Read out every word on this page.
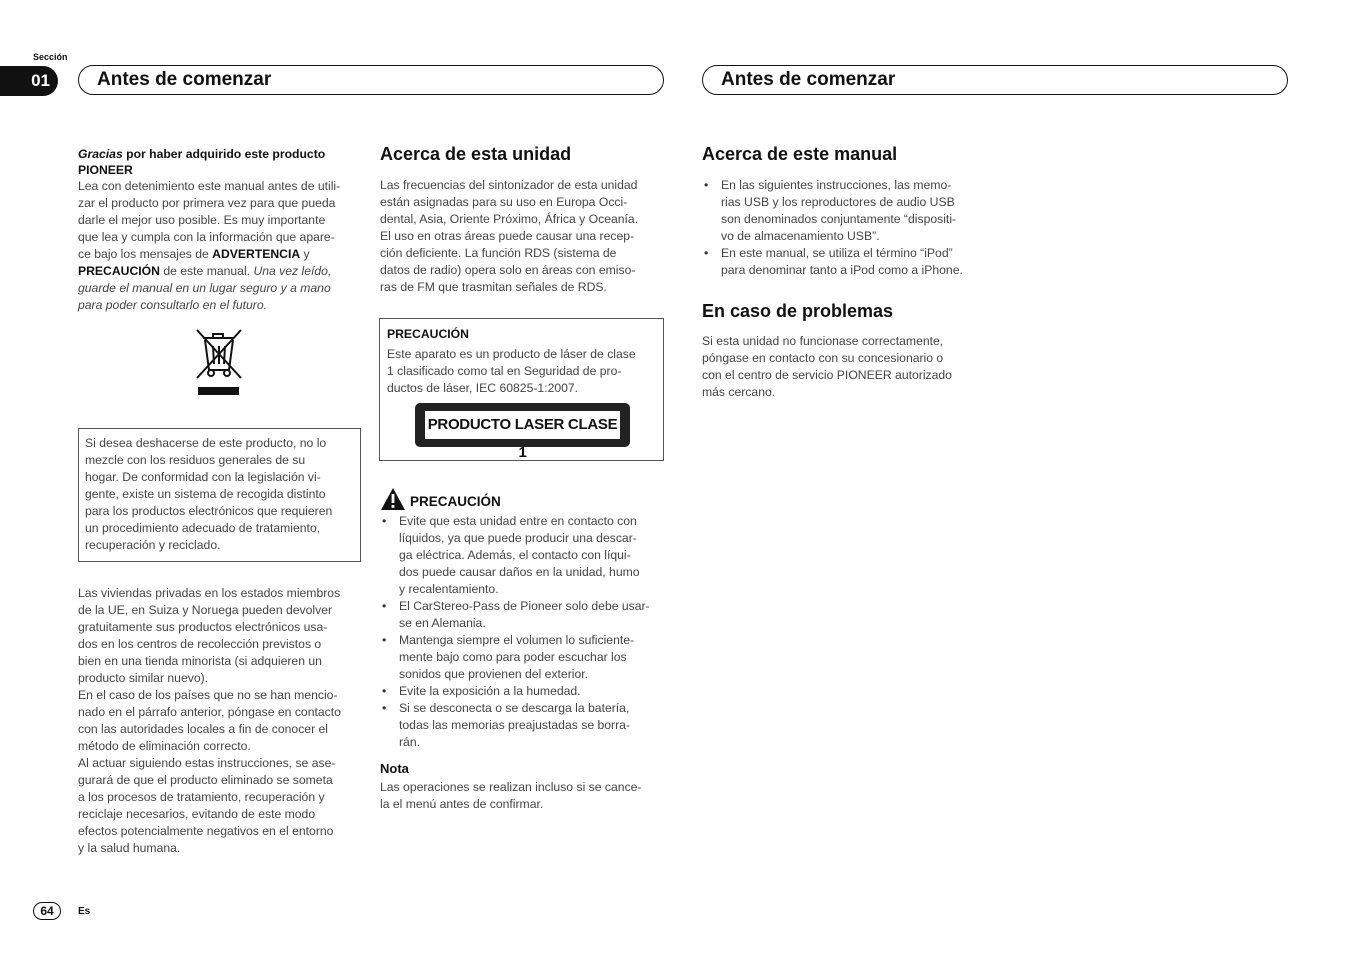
Sección
01	Antes de comenzar	Antes de comenzar

Gracias por haber adquirido este producto

PIONEER

Lea con detenimiento este manual antes de utili-

zar el producto por primera vez para que pueda

darle el mejor uso posible. Es muy importante

que lea y cumpla con la información que apare-

ce bajo los mensajes de ADVERTENCIA y

PRECAUCIÓN de este manual. Una vez leído,

guarde el manual en un lugar seguro y a mano

para poder consultarlo en el futuro.

Si desea deshacerse de este producto, no lo

mezcle con los residuos generales de su

hogar. De conformidad con la legislación vi-

gente, existe un sistema de recogida distinto

para los productos electrónicos que requieren

un procedimiento adecuado de tratamiento,

recuperación y reciclado.

Las viviendas privadas en los estados miembros

de la UE, en Suiza y Noruega pueden devolver

gratuitamente sus productos electrónicos usa-

dos en los centros de recolección previstos o

bien en una tienda minorista (si adquieren un

producto similar nuevo).

En el caso de los países que no se han mencio-

nado en el párrafo anterior, póngase en contacto

con las autoridades locales a fin de conocer el

método de eliminación correcto.

Al actuar siguiendo estas instrucciones, se ase-

gurará de que el producto eliminado se someta

a los procesos de tratamiento, recuperación y

reciclaje necesarios, evitando de este modo

efectos potencialmente negativos en el entorno

y la salud humana.

Acerca de esta unidad

Las frecuencias del sintonizador de esta unidad

están asignadas para su uso en Europa Occi-

dental, Asia, Oriente Próximo, África y Oceanía.

El uso en otras áreas puede causar una recep-

ción deficiente. La función RDS (sistema de

datos de radio) opera solo en áreas con emiso-

ras de FM que trasmitan señales de RDS.

PRECAUCIÓN

Este aparato es un producto de láser de clase

1 clasificado como tal en Seguridad de pro-

ductos de láser, IEC 60825-1:2007.

PRODUCTO LASER CLASE 1
PRECAUCIÓN
• Evite que esta unidad entre en contacto con
líquidos, ya que puede producir una descar-
ga eléctrica. Además, el contacto con líqui-
dos puede causar daños en la unidad, humo
y recalentamiento.
• El CarStereo-Pass de Pioneer solo debe usar-
se en Alemania.
• Mantenga siempre el volumen lo suficiente-
mente bajo como para poder escuchar los
sonidos que provienen del exterior.
• Evite la exposición a la humedad.
• Si se desconecta o se descarga la batería,
todas las memorias preajustadas se borra-
rán.

Nota

Las operaciones se realizan incluso si se cance-

la el menú antes de confirmar.

Acerca de este manual
• En las siguientes instrucciones, las memo-
rias USB y los reproductores de audio USB
son denominados conjuntamente “dispositi-
vo de almacenamiento USB”.
• En este manual, se utiliza el término “iPod”
para denominar tanto a iPod como a iPhone.
En caso de problemas

Si esta unidad no funcionase correctamente,

póngase en contacto con su concesionario o

con el centro de servicio PIONEER autorizado

más cercano.

64	Es
